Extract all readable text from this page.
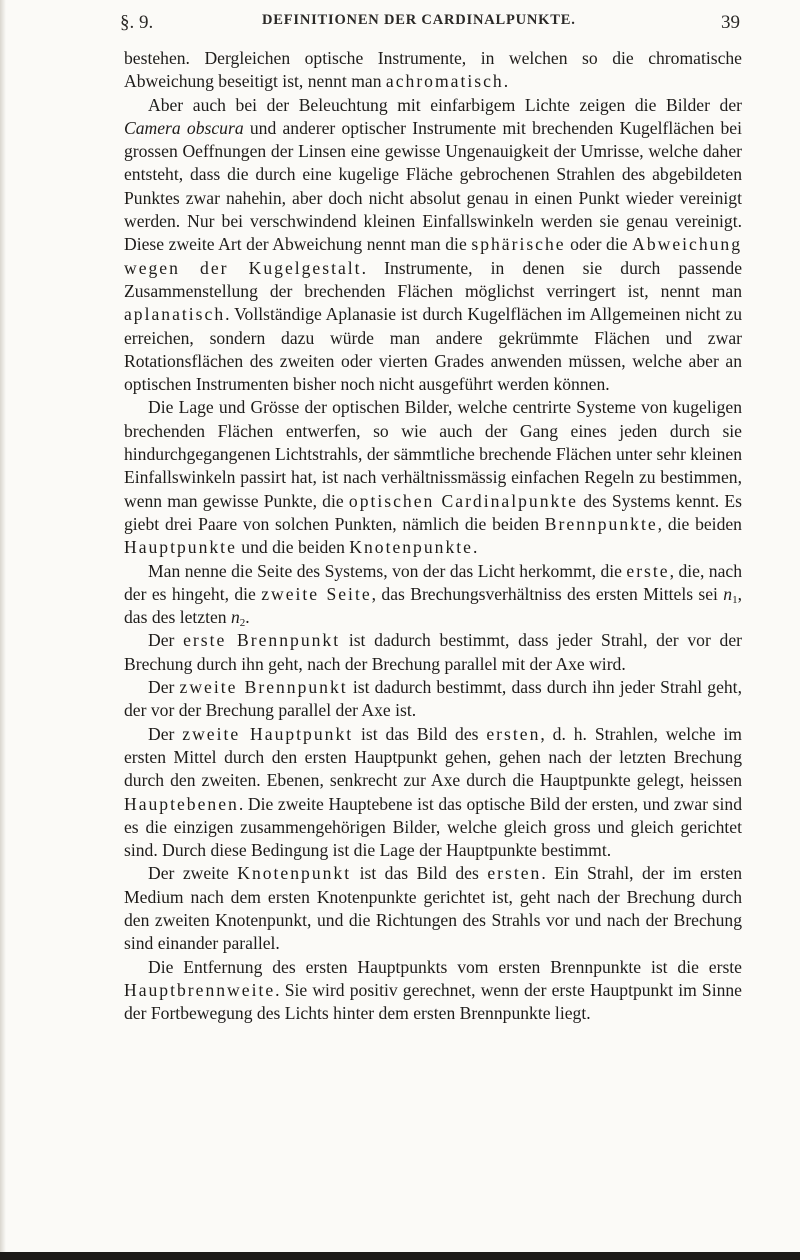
§. 9.	DEFINITIONEN DER CARDINALPUNKTE.	39

bestehen. Dergleichen optische Instrumente, in welchen so die chromatische Abweichung beseitigt ist, nennt man achromatisch.

Aber auch bei der Beleuchtung mit einfarbigem Lichte zeigen die Bilder der Camera obscura und anderer optischer Instrumente mit brechenden Kugelflächen bei grossen Oeffnungen der Linsen eine gewisse Ungenauigkeit der Umrisse, welche daher entsteht, dass die durch eine kugelige Fläche gebrochenen Strahlen des abgebildeten Punktes zwar nahehin, aber doch nicht absolut genau in einen Punkt wieder vereinigt werden. Nur bei verschwindend kleinen Einfallswinkeln werden sie genau vereinigt. Diese zweite Art der Abweichung nennt man die sphärische oder die Abweichung wegen der Kugelgestalt. Instrumente, in denen sie durch passende Zusammenstellung der brechenden Flächen möglichst verringert ist, nennt man aplanatisch. Vollständige Aplanasie ist durch Kugelflächen im Allgemeinen nicht zu erreichen, sondern dazu würde man andere gekrümmte Flächen und zwar Rotationsflächen des zweiten oder vierten Grades anwenden müssen, welche aber an optischen Instrumenten bisher noch nicht ausgeführt werden können.

Die Lage und Grösse der optischen Bilder, welche centrirte Systeme von kugeligen brechenden Flächen entwerfen, so wie auch der Gang eines jeden durch sie hindurchgegangenen Lichtstrahls, der sämmtliche brechende Flächen unter sehr kleinen Einfallswinkeln passirt hat, ist nach verhältnissmässig einfachen Regeln zu bestimmen, wenn man gewisse Punkte, die optischen Cardinalpunkte des Systems kennt. Es giebt drei Paare von solchen Punkten, nämlich die beiden Brennpunkte, die beiden Hauptpunkte und die beiden Knotenpunkte.

Man nenne die Seite des Systems, von der das Licht herkommt, die erste, die, nach der es hingeht, die zweite Seite, das Brechungsverhältniss des ersten Mittels sei $n_1$, das des letzten $n_2$.

Der erste Brennpunkt ist dadurch bestimmt, dass jeder Strahl, der vor der Brechung durch ihn geht, nach der Brechung parallel mit der Axe wird.

Der zweite Brennpunkt ist dadurch bestimmt, dass durch ihn jeder Strahl geht, der vor der Brechung parallel der Axe ist.

Der zweite Hauptpunkt ist das Bild des ersten, d. h. Strahlen, welche im ersten Mittel durch den ersten Hauptpunkt gehen, gehen nach der letzten Brechung durch den zweiten. Ebenen, senkrecht zur Axe durch die Hauptpunkte gelegt, heissen Hauptebenen. Die zweite Hauptebene ist das optische Bild der ersten, und zwar sind es die einzigen zusammengehörigen Bilder, welche gleich gross und gleich gerichtet sind. Durch diese Bedingung ist die Lage der Hauptpunkte bestimmt.

Der zweite Knotenpunkt ist das Bild des ersten. Ein Strahl, der im ersten Medium nach dem ersten Knotenpunkte gerichtet ist, geht nach der Brechung durch den zweiten Knotenpunkt, und die Richtungen des Strahls vor und nach der Brechung sind einander parallel.

Die Entfernung des ersten Hauptpunkts vom ersten Brennpunkte ist die erste Hauptbrennweite. Sie wird positiv gerechnet, wenn der erste Hauptpunkt im Sinne der Fortbewegung des Lichts hinter dem ersten Brennpunkte liegt.
